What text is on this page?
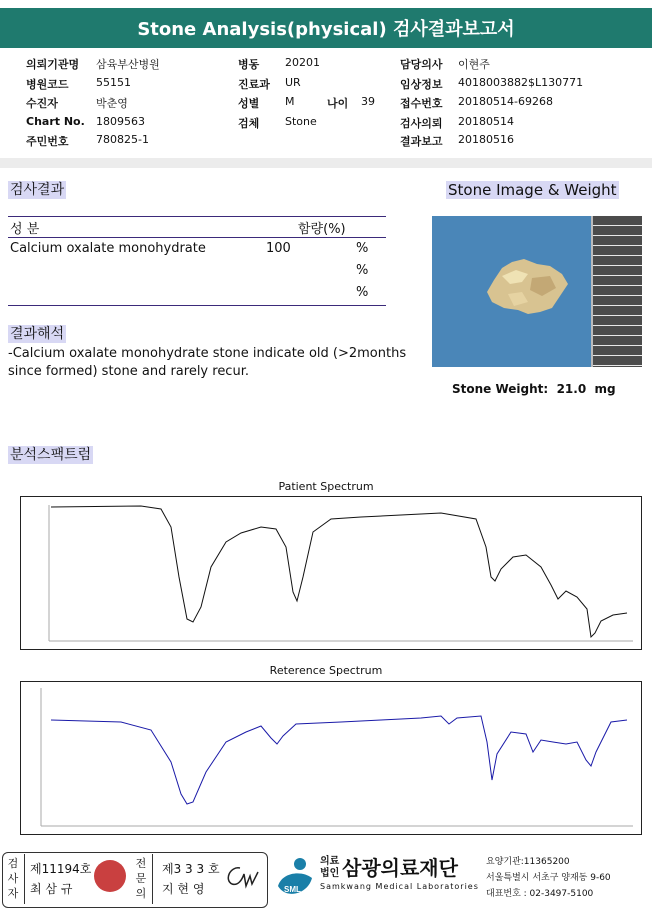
Stone Analysis(physical) 검사결과보고서
의뢰기관명 삼육부산병원
병원코드 55151
수진자	박춘영
Chart No. 1809563
주민번호 780825-1
병동 20201
진료과 UR
성별 M	나이 39
검체 Stone
담당의사 이현주
임상정보 4018003882$L130771
접수번호 20180514-69268
검사의뢰 20180514
결과보고 20180516
검사결과
성 분	함량(%)
Calcium oxalate monohydrate	100	%
%
%
결과해석
-Calcium oxalate monohydrate stone indicate old (>2months
since formed) stone and rarely recur.
Stone Image & Weight
Stone Weight: 21.0 mg
분석스팩트럼
Patient Spectrum
Reterence Spectrum
검사자
제11194호
최 삼 규
전문의
제3 3 3 호
지 현 영	SML
의료
법인 삼광의료재단
Samkwang Medical Laboratories
요양기관:11365200
서울특별시 서초구 양재동 9-60
대표번호 : 02-3497-5100
